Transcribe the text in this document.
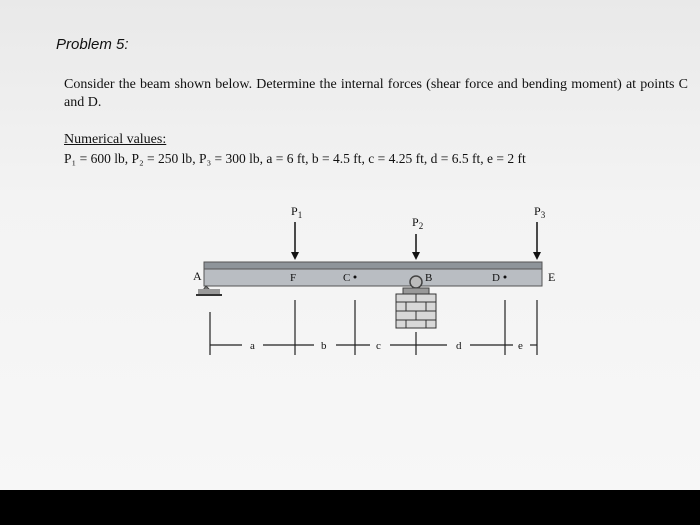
Problem 5:
Consider the beam shown below. Determine the internal forces (shear force and bending moment) at points C and D.
Numerical values:
P₁ = 600 lb, P₂ = 250 lb, P₃ = 300 lb, a = 6 ft, b = 4.5 ft, c = 4.25 ft, d = 6.5 ft, e = 2 ft
$P_1$	$P_2$
$P_3$
A	F	C	B	D	E
a	b	c	d	e
